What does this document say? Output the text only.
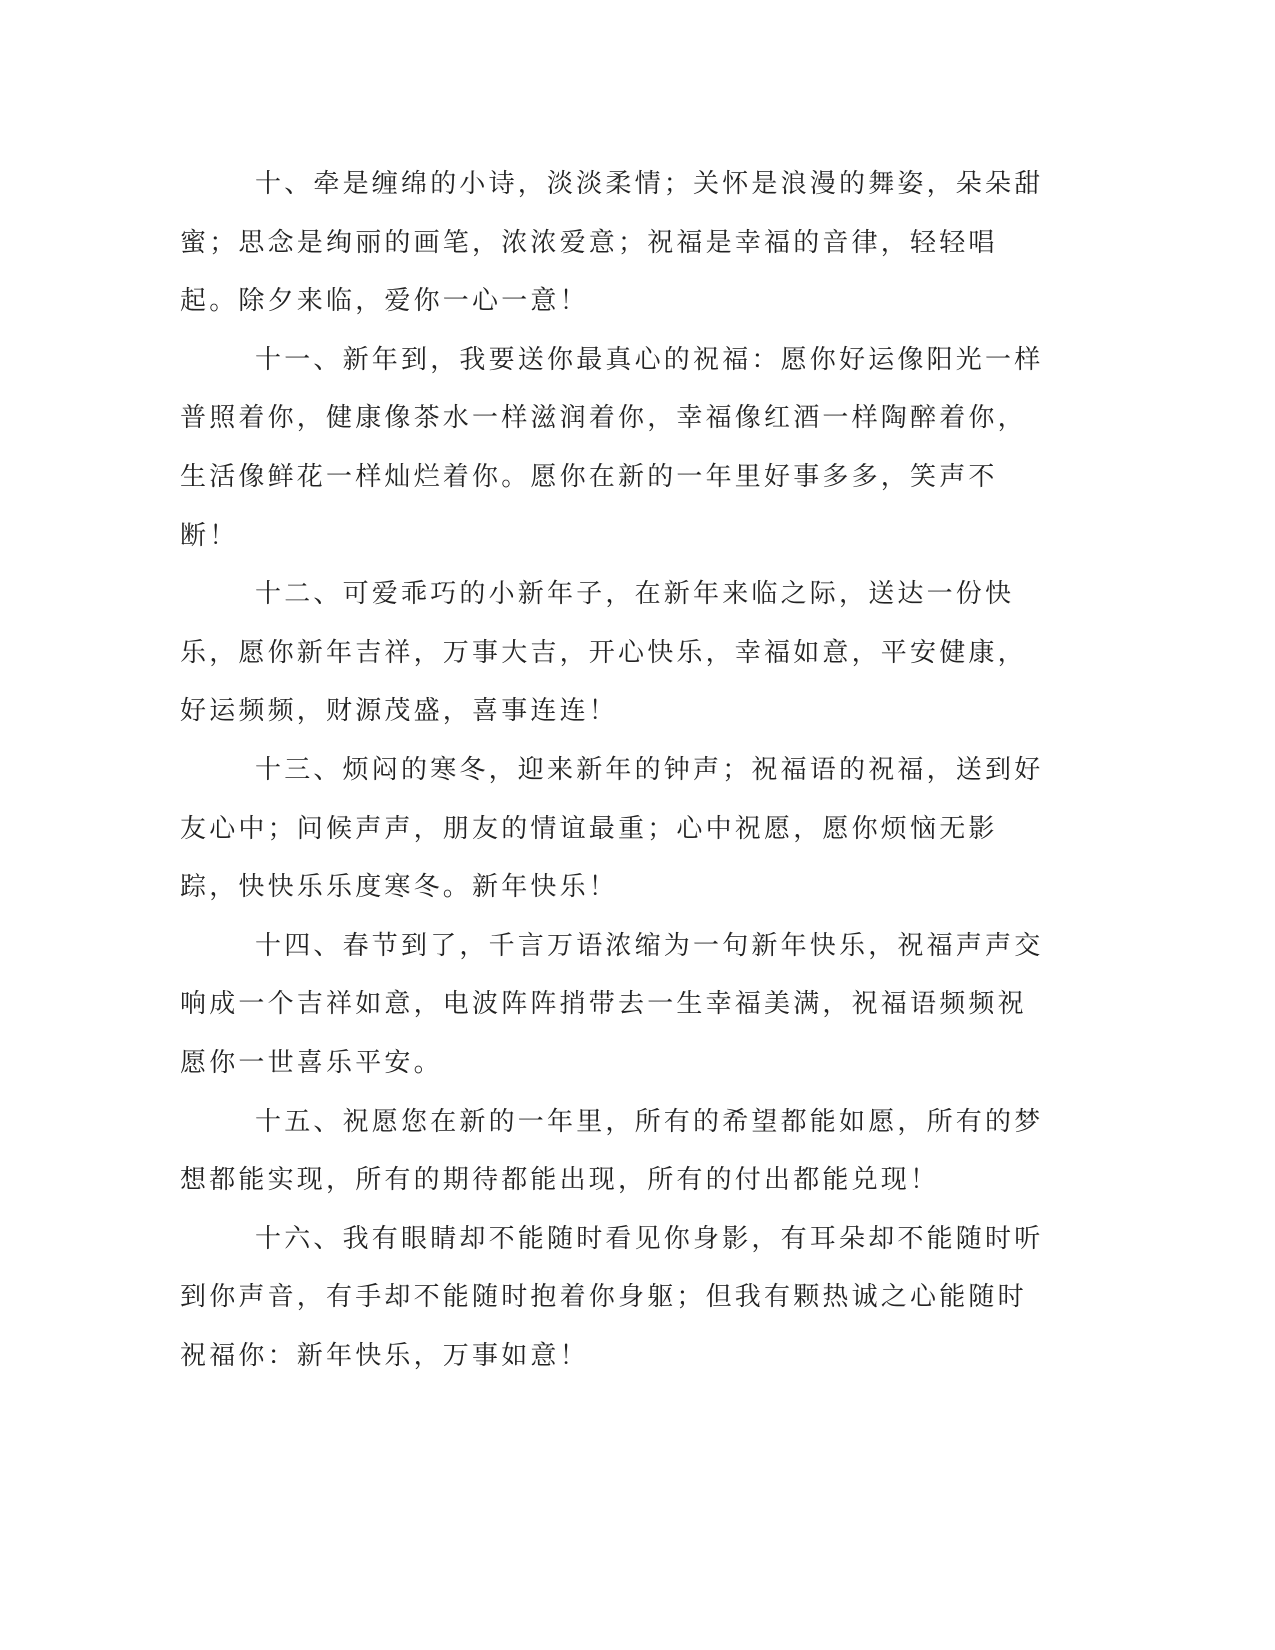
十、牵是缠绵的小诗，淡淡柔情；关怀是浪漫的舞姿，朵朵甜蜜；思念是绚丽的画笔，浓浓爱意；祝福是幸福的音律，轻轻唱起。除夕来临，爱你一心一意！

十一、新年到，我要送你最真心的祝福：愿你好运像阳光一样普照着你，健康像茶水一样滋润着你，幸福像红酒一样陶醉着你，生活像鲜花一样灿烂着你。愿你在新的一年里好事多多，笑声不断！

十二、可爱乖巧的小新年子，在新年来临之际，送达一份快乐，愿你新年吉祥，万事大吉，开心快乐，幸福如意，平安健康，好运频频，财源茂盛，喜事连连！

十三、烦闷的寒冬，迎来新年的钟声；祝福语的祝福，送到好友心中；问候声声，朋友的情谊最重；心中祝愿，愿你烦恼无影踪，快快乐乐度寒冬。新年快乐！

十四、春节到了，千言万语浓缩为一句新年快乐，祝福声声交响成一个吉祥如意，电波阵阵捎带去一生幸福美满，祝福语频频祝愿你一世喜乐平安。

十五、祝愿您在新的一年里，所有的希望都能如愿，所有的梦想都能实现，所有的期待都能出现，所有的付出都能兑现！

十六、我有眼睛却不能随时看见你身影，有耳朵却不能随时听到你声音，有手却不能随时抱着你身躯；但我有颗热诚之心能随时祝福你：新年快乐，万事如意！
